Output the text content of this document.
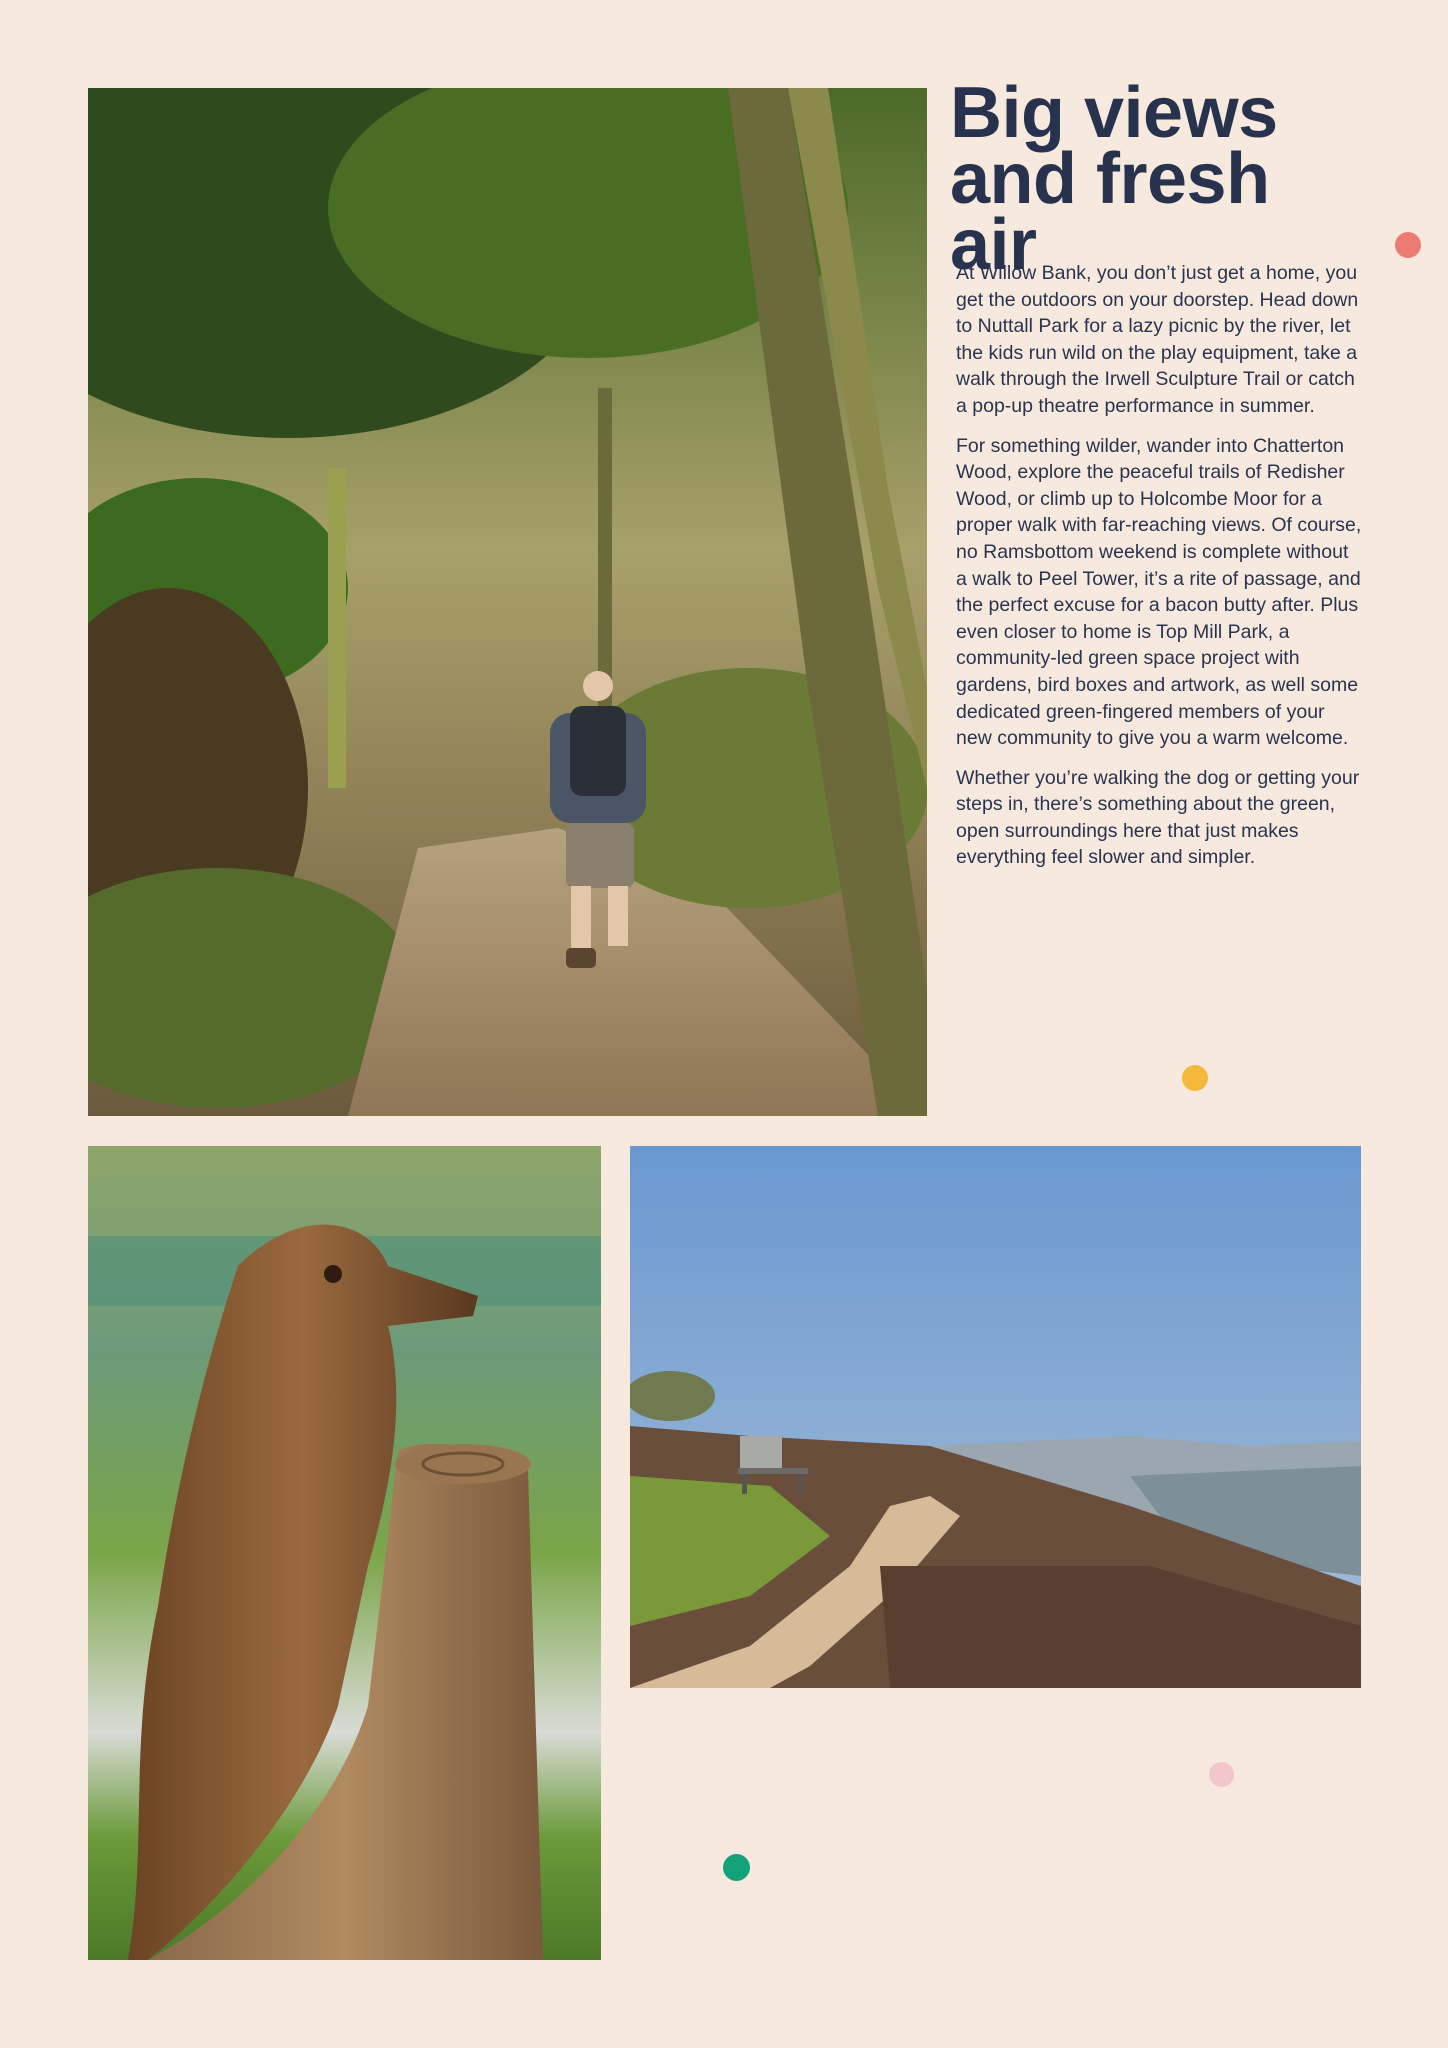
Big views
and fresh air

At Willow Bank, you don’t just get a home, you get the outdoors on your doorstep. Head down to Nuttall Park for a lazy picnic by the river, let the kids run wild on the play equipment, take a walk through the Irwell Sculpture Trail or catch a pop-up theatre performance in summer.

For something wilder, wander into Chatterton Wood, explore the peaceful trails of Redisher Wood, or climb up to Holcombe Moor for a proper walk with far-reaching views. Of course, no Ramsbottom weekend is complete without a walk to Peel Tower, it’s a rite of passage, and the perfect excuse for a bacon butty after. Plus even closer to home is Top Mill Park, a community-led green space project with gardens, bird boxes and artwork, as well some dedicated green-fingered members of your new community to give you a warm welcome.

Whether you’re walking the dog or getting your steps in, there’s something about the green, open surroundings here that just makes everything feel slower and simpler.
